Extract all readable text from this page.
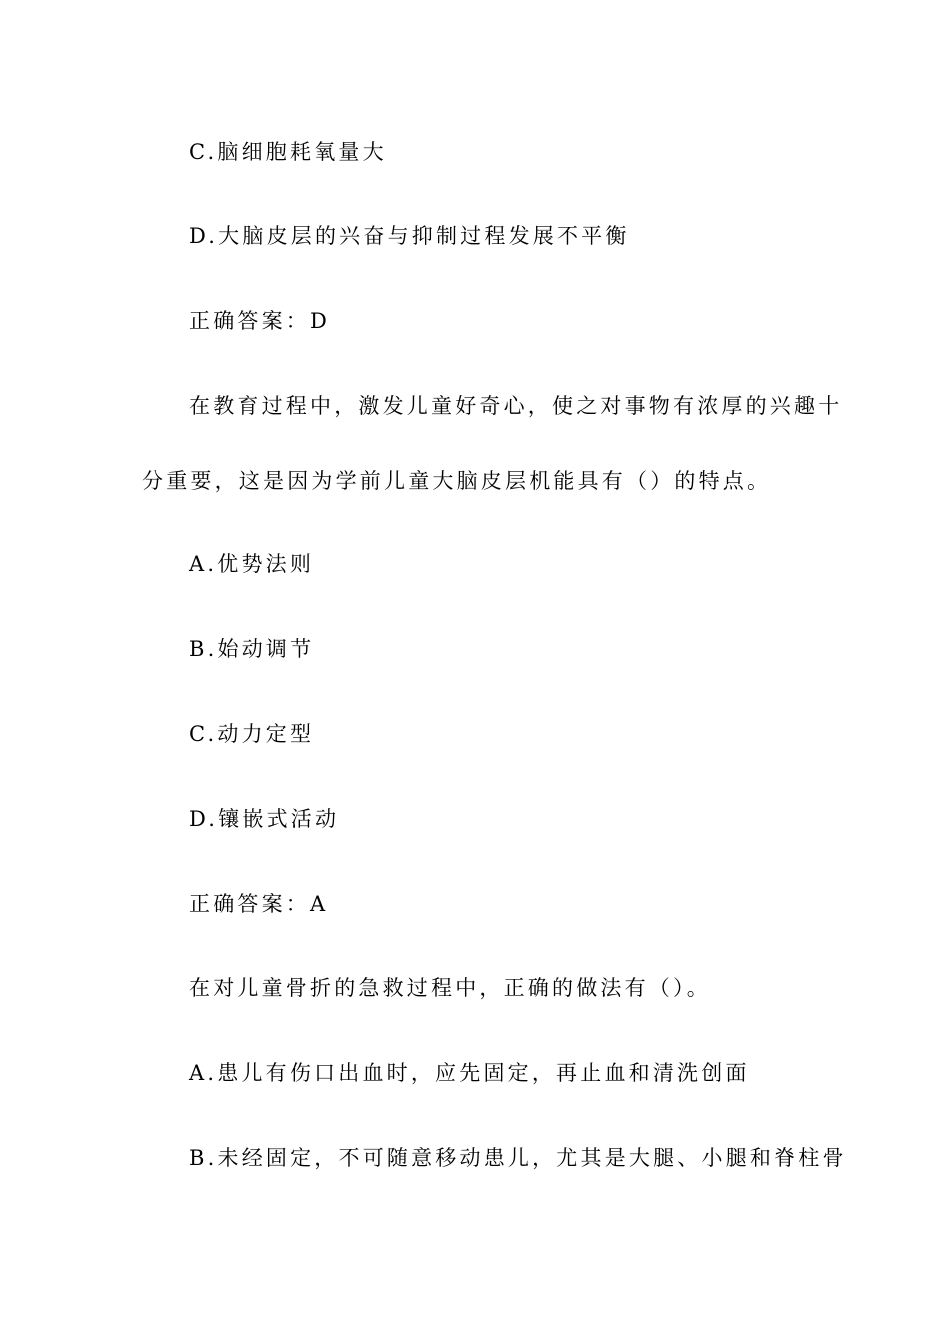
C.脑细胞耗氧量大
D.大脑皮层的兴奋与抑制过程发展不平衡
正确答案：D
在教育过程中，激发儿童好奇心，使之对事物有浓厚的兴趣十
分重要，这是因为学前儿童大脑皮层机能具有（）的特点。
A.优势法则
B.始动调节
C.动力定型
D.镶嵌式活动
正确答案：A
在对儿童骨折的急救过程中，正确的做法有（）。
A.患儿有伤口出血时，应先固定，再止血和清洗创面
B.未经固定，不可随意移动患儿，尤其是大腿、小腿和脊柱骨
